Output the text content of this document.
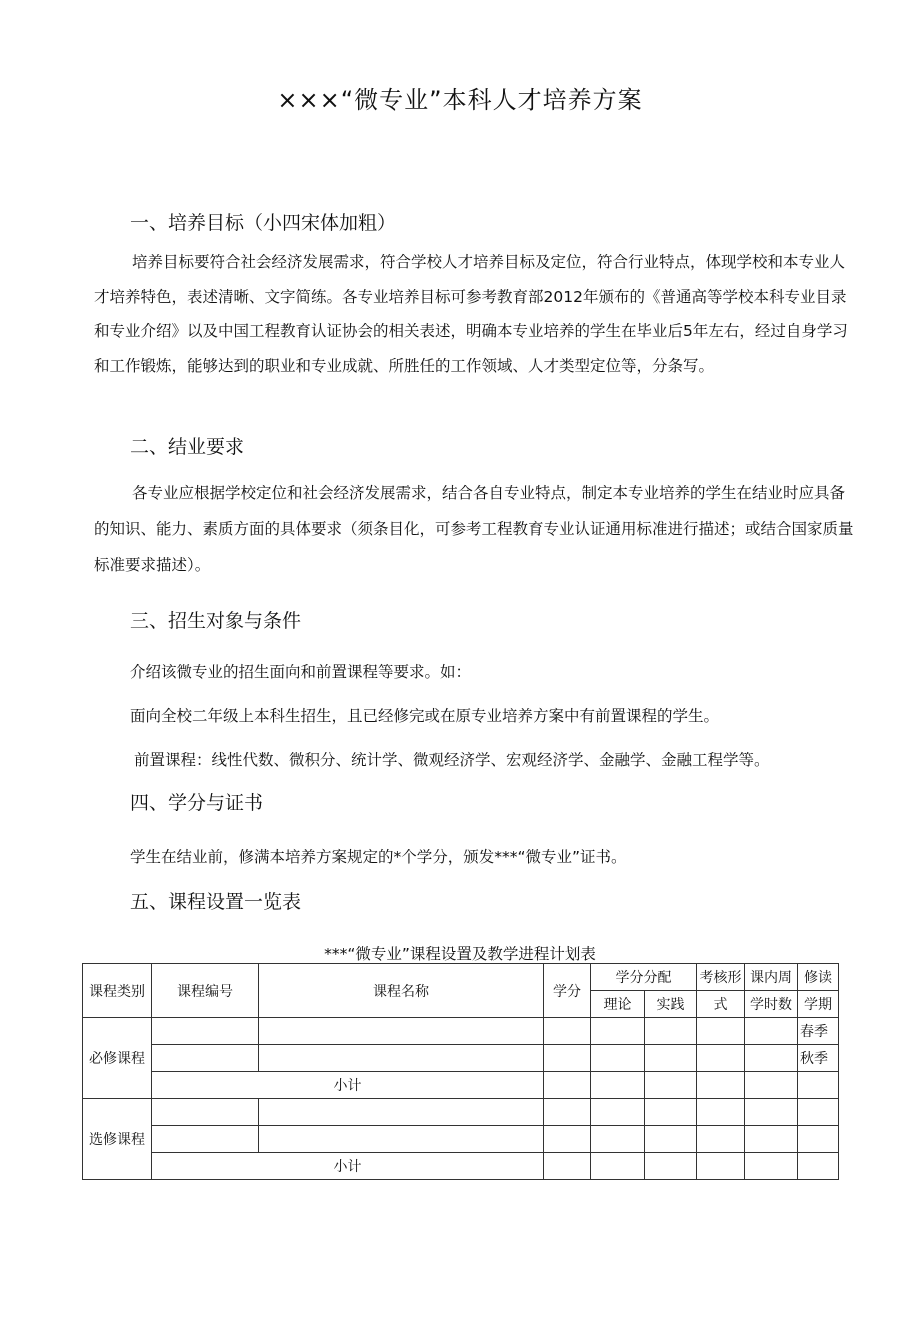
×××“微专业”本科人才培养方案
一、培养目标（小四宋体加粗）
培养目标要符合社会经济发展需求，符合学校人才培养目标及定位，符合行业特点，体现学校和本专业人才培养特色，表述清晰、文字简练。各专业培养目标可参考教育部2012年颁布的《普通高等学校本科专业目录和专业介绍》以及中国工程教育认证协会的相关表述，明确本专业培养的学生在毕业后5年左右，经过自身学习和工作锻炼，能够达到的职业和专业成就、所胜任的工作领域、人才类型定位等，分条写。
二、结业要求
各专业应根据学校定位和社会经济发展需求，结合各自专业特点，制定本专业培养的学生在结业时应具备的知识、能力、素质方面的具体要求（须条目化，可参考工程教育专业认证通用标准进行描述；或结合国家质量标准要求描述）。
三、招生对象与条件
介绍该微专业的招生面向和前置课程等要求。如：
面向全校二年级上本科生招生，且已经修完或在原专业培养方案中有前置课程的学生。
前置课程：线性代数、微积分、统计学、微观经济学、宏观经济学、金融学、金融工程学等。
四、学分与证书
学生在结业前，修满本培养方案规定的*个学分，颁发***“微专业”证书。
五、课程设置一览表
***“微专业”课程设置及教学进程计划表
课程类别	课程编号	课程名称	学分	学分分配		考核形	课内周	修读
				理论	实践	式	学时数	学期
必修课程								春季

								秋季

	小计							
选修课程								

	小计							
